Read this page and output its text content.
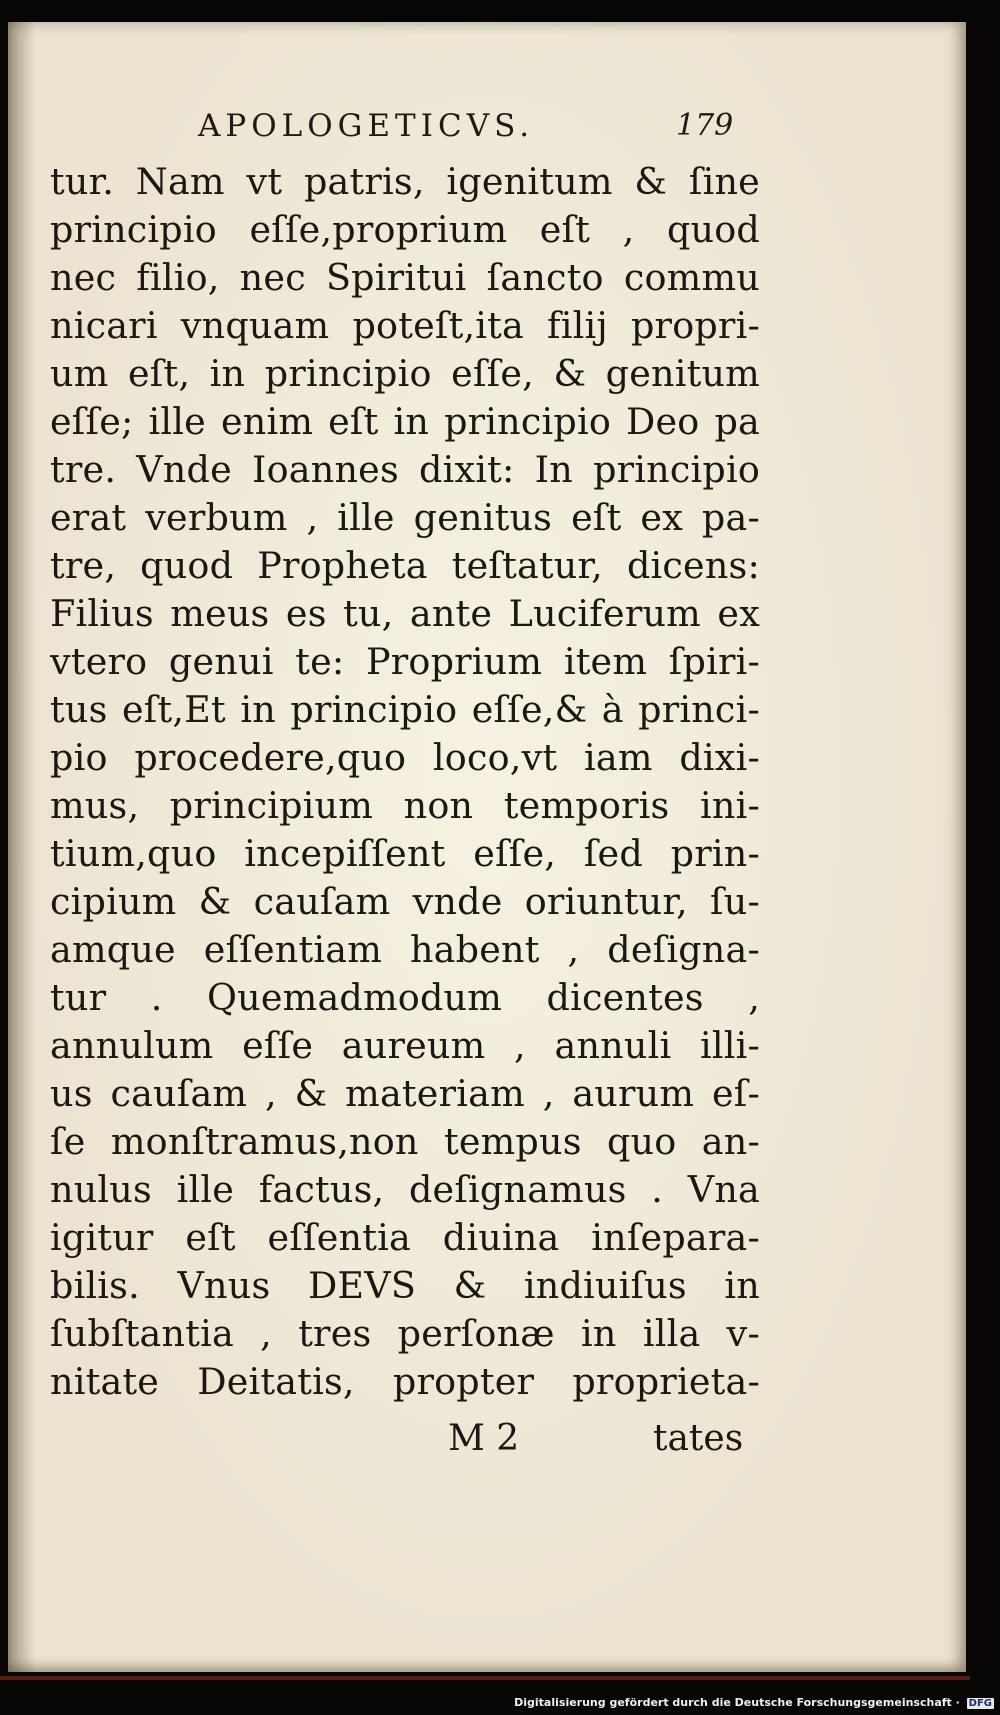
APOLOGETICVS.	179
tur. Nam vt patris, igenitum & ſine
principio eſſe,proprium eſt , quod
nec filio, nec Spiritui ſancto commu
nicari vnquam poteſt,ita filij propri-
um eſt, in principio eſſe, & genitum
eſſe; ille enim eſt in principio Deo pa
tre. Vnde Ioannes dixit: In principio
erat verbum , ille genitus eſt ex pa-
tre, quod Propheta teſtatur, dicens:
Filius meus es tu, ante Luciferum ex
vtero genui te: Proprium item ſpiri-
tus eſt,Et in principio eſſe,& à princi-
pio procedere,quo loco,vt iam dixi-
mus, principium non temporis ini-
tium,quo incepiſſent eſſe, ſed prin-
cipium & cauſam vnde oriuntur, ſu-
amque eſſentiam habent , deſigna-
tur . Quemadmodum dicentes ,
annulum eſſe aureum , annuli illi-
us cauſam , & materiam , aurum eſ-
ſe monſtramus,non tempus quo an-
nulus ille factus, deſignamus . Vna
igitur eſt eſſentia diuina inſepara-
bilis. Vnus DEVS & indiuiſus in
ſubſtantia , tres perſonæ in illa v-
nitate Deitatis, propter proprieta-
M 2	tates
Digitalisierung gefördert durch die Deutsche Forschungsgemeinschaft · DFG
